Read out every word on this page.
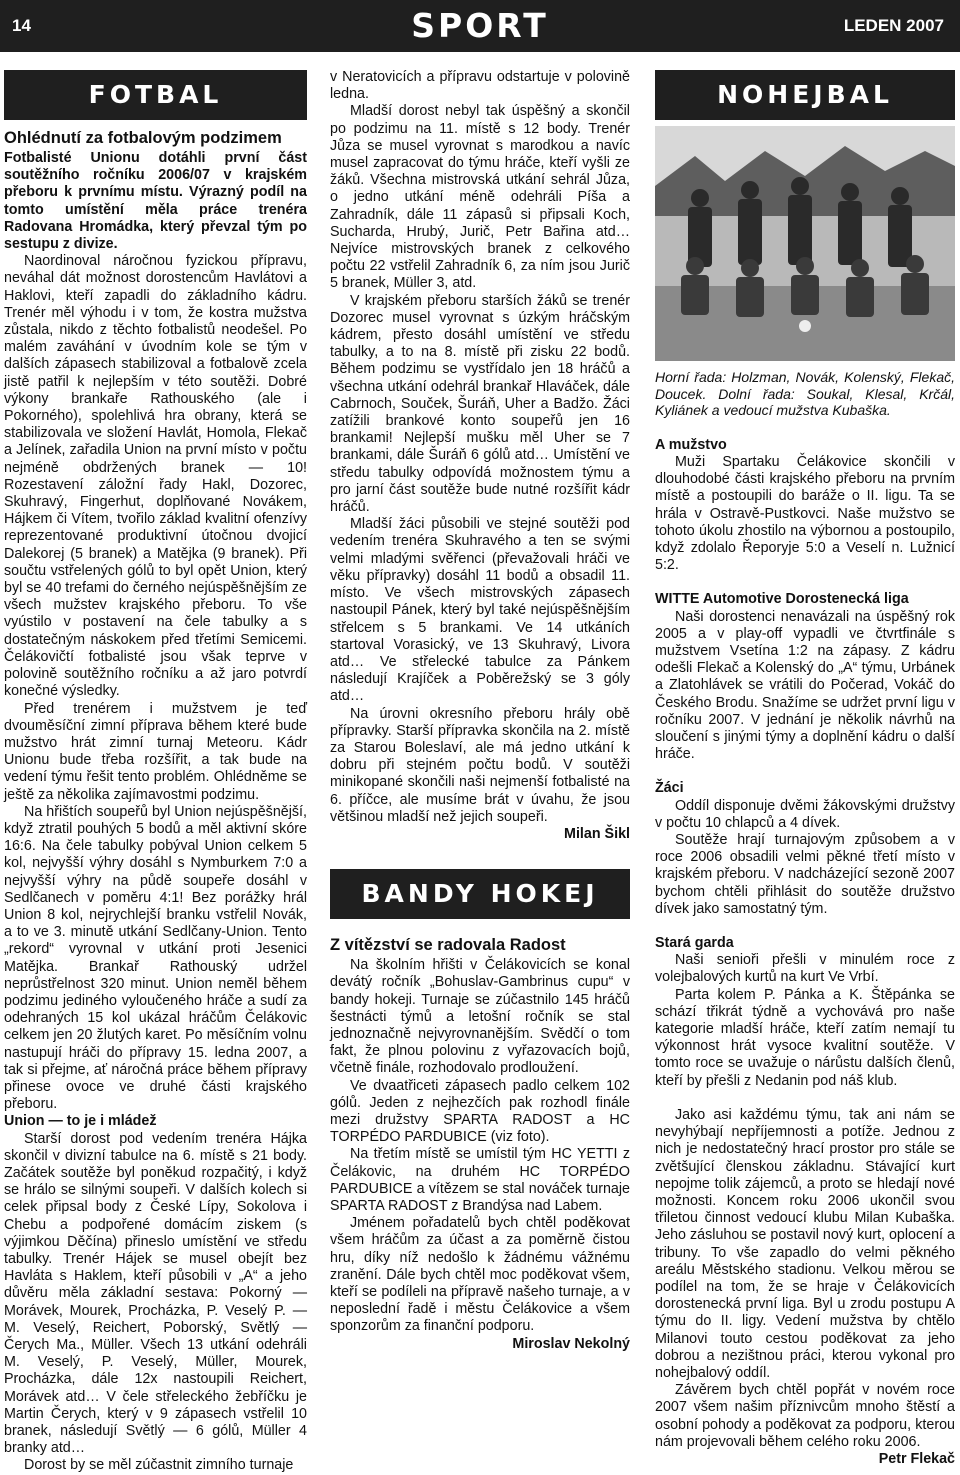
14	SPORT	LEDEN 2007
FOTBAL
Ohlédnutí za fotbalovým podzimem

Fotbalisté Unionu dotáhli první část soutěžního ročníku 2006/07 v krajském přeboru k prvnímu místu. Výrazný podíl na tomto umístění měla práce trenéra Radovana Hromádka, který převzal tým po sestupu z divize.

Naordinoval náročnou fyzickou přípravu, neváhal dát možnost dorostencům Havlátovi a Haklovi, kteří zapadli do základního kádru. Trenér měl výhodu i v tom, že kostra mužstva zůstala, nikdo z těchto fotbalistů neodešel. Po malém zaváhání v úvodním kole se tým v dalších zápasech stabilizoval a fotbalově zcela jistě patřil k nejlepším v této soutěži. Dobré výkony brankaře Rathouského (ale i Pokorného), spolehlivá hra obrany, která se stabilizovala ve složení Havlát, Homola, Flekač a Jelínek, zařadila Union na první místo v počtu nejméně obdržených branek — 10! Rozestavení záložní řady Hakl, Dozorec, Skuhravý, Fingerhut, doplňované Novákem, Hájkem či Vítem, tvořilo základ kvalitní ofenzívy reprezentované produktivní útočnou dvojicí Dalekorej (5 branek) a Matějka (9 branek). Při součtu vstřelených gólů to byl opět Union, který byl se 40 trefami do černého nejúspěšnějším ze všech mužstev krajského přeboru. To vše vyústilo v postavení na čele tabulky a s dostatečným náskokem před třetími Semicemi. Čelákovičtí fotbalisté jsou však teprve v polovině soutěžního ročníku a až jaro potvrdí konečné výsledky.

Před trenérem i mužstvem je teď dvouměsíční zimní příprava během které bude mužstvo hrát zimní turnaj Meteoru. Kádr Unionu bude třeba rozšířit, a tak bude na vedení týmu řešit tento problém. Ohlédněme se ještě za několika zajímavostmi podzimu.

Na hřištích soupeřů byl Union nejúspěšnější, když ztratil pouhých 5 bodů a měl aktivní skóre 16:6. Na čele tabulky pobýval Union celkem 5 kol, nejvyšší výhry dosáhl s Nymburkem 7:0 a nejvyšší výhry na půdě soupeře dosáhl v Sedlčanech v poměru 4:1! Bez porážky hrál Union 8 kol, nejrychlejší branku vstřelil Novák, a to ve 3. minutě utkání Sedlčany-Union. Tento „rekord“ vyrovnal v utkání proti Jesenici Matějka. Brankař Rathouský udržel neprůstřelnost 320 minut. Union neměl během podzimu jediného vyloučeného hráče a sudí za odehraných 15 kol ukázal hráčům Čelákovic celkem jen 20 žlutých karet. Po měsíčním volnu nastupují hráči do přípravy 15. ledna 2007, a tak si přejme, ať náročná práce během přípravy přinese ovoce ve druhé části krajského přeboru.

Union — to je i mládež

Starší dorost pod vedením trenéra Hájka skončil v divizní tabulce na 6. místě s 21 body. Začátek soutěže byl poněkud rozpačitý, i když se hrálo se silnými soupeři. V dalších kolech si celek připsal body z České Lípy, Sokolova i Chebu a podpořené domácím ziskem (s výjimkou Děčína) přineslo umístění ve středu tabulky. Trenér Hájek se musel obejít bez Havláta s Haklem, kteří působili v „A“ a jeho důvěru měla základní sestava: Pokorný — Morávek, Mourek, Procházka, P. Veselý P. — M. Veselý, Reichert, Poborský, Světlý — Čerych Ma., Müller. Všech 13 utkání odehráli M. Veselý, P. Veselý, Müller, Mourek, Procházka, dále 12x nastoupili Reichert, Morávek atd… V čele střeleckého žebříčku je Martin Čerych, který v 9 zápasech vstřelil 10 branek, následují Světlý — 6 gólů, Müller 4 branky atd…

Dorost by se měl zúčastnit zimního turnaje

v Neratovicích a přípravu odstartuje v polovině ledna.

Mladší dorost nebyl tak úspěšný a skončil po podzimu na 11. místě s 12 body. Trenér Jůza se musel vyrovnat s marodkou a navíc musel zapracovat do týmu hráče, kteří vyšli ze žáků. Všechna mistrovská utkání sehrál Jůza, o jedno utkání méně odehráli Píša a Zahradník, dále 11 zápasů si připsali Koch, Sucharda, Hrubý, Jurič, Petr Bařina atd… Nejvíce mistrovských branek z celkového počtu 22 vstřelil Zahradník 6, za ním jsou Jurič 5 branek, Müller 3, atd.

V krajském přeboru starších žáků se trenér Dozorec musel vyrovnat s úzkým hráčským kádrem, přesto dosáhl umístění ve středu tabulky, a to na 8. místě při zisku 22 bodů. Během podzimu se vystřídalo jen 18 hráčů a všechna utkání odehrál brankař Hlaváček, dále Cabrnoch, Souček, Šuráň, Uher a Badžo. Žáci zatížili brankové konto soupeřů jen 16 brankami! Nejlepší mušku měl Uher se 7 brankami, dále Šuráň 6 gólů atd… Umístění ve středu tabulky odpovídá možnostem týmu a pro jarní část soutěže bude nutné rozšířit kádr hráčů.

Mladší žáci působili ve stejné soutěži pod vedením trenéra Skuhravého a ten se svými velmi mladými svěřenci (převažovali hráči ve věku přípravky) dosáhl 11 bodů a obsadil 11. místo. Ve všech mistrovských zápasech nastoupil Pánek, který byl také nejúspěšnějším střelcem s 5 brankami. Ve 14 utkáních startoval Vorasický, ve 13 Skuhravý, Livora atd… Ve střelecké tabulce za Pánkem následují Krajíček a Poběrežský se 3 góly atd…

Na úrovni okresního přeboru hrály obě přípravky. Starší přípravka skončila na 2. místě za Starou Boleslaví, ale má jedno utkání k dobru při stejném počtu bodů. V soutěži minikopané skončili naši nejmenší fotbalisté na 6. příčce, ale musíme brát v úvahu, že jsou většinou mladší než jejich soupeři.

Milan Šikl
BANDY HOKEJ
Z vítězství se radovala Radost

Na školním hřišti v Čelákovicích se konal devátý ročník „Bohuslav-Gambrinus cupu“ v bandy hokeji. Turnaje se zúčastnilo 145 hráčů šestnácti týmů a letošní ročník se stal jednoznačně nejvyrovnanějším. Svědčí o tom fakt, že plnou polovinu z vyřazovacích bojů, včetně finále, rozhodovalo prodloužení.

Ve dvaatřiceti zápasech padlo celkem 102 gólů. Jeden z nejhezčích pak rozhodl finále mezi družstvy SPARTA RADOST a HC TORPÉDO PARDUBICE (viz foto).

Na třetím místě se umístil tým HC YETTI z Čelákovic, na druhém HC TORPÉDO PARDUBICE a vítězem se stal nováček turnaje SPARTA RADOST z Brandýsa nad Labem.

Jménem pořadatelů bych chtěl poděkovat všem hráčům za účast a za poměrně čistou hru, díky níž nedošlo k žádnému vážnému zranění. Dále bych chtěl moc poděkovat všem, kteří se podíleli na přípravě našeho turnaje, a v neposlední řadě i městu Čelákovice a všem sponzorům za finanční podporu.

Miroslav Nekolný
NOHEJBAL

Horní řada: Holzman, Novák, Kolenský, Flekač, Doucek. Dolní řada: Soukal, Klesal, Krčál, Kyliánek a vedoucí mužstva Kubaška.

A mužstvo

Muži Spartaku Čelákovice skončili v dlouhodobé části krajského přeboru na prvním místě a postoupili do baráže o II. ligu. Ta se hrála v Ostravě-Pustkovci. Naše mužstvo se tohoto úkolu zhostilo na výbornou a postoupilo, když zdolalo Řeporyje 5:0 a Veselí n. Lužnicí 5:2.

WITTE Automotive Dorostenecká liga

Naši dorostenci nenavázali na úspěšný rok 2005 a v play-off vypadli ve čtvrtfinále s mužstvem Vsetína 1:2 na zápasy. Z kádru odešli Flekač a Kolenský do „A“ týmu, Urbánek a Zlatohlávek se vrátili do Počerad, Vokáč do Českého Brodu. Snažíme se udržet první ligu v ročníku 2007. V jednání je několik návrhů na sloučení s jinými týmy a doplnění kádru o další hráče.

Žáci

Oddíl disponuje dvěmi žákovskými družstvy v počtu 10 chlapců a 4 dívek.

Soutěže hrají turnajovým způsobem a v roce 2006 obsadili velmi pěkné třetí místo v krajském přeboru. V nadcházející sezoně 2007 bychom chtěli přihlásit do soutěže družstvo dívek jako samostatný tým.

Stará garda

Naši senioři přešli v minulém roce z volejbalových kurtů na kurt Ve Vrbí.

Parta kolem P. Pánka a K. Štěpánka se schází třikrát týdně a vychovává pro naše kategorie mladší hráče, kteří zatím nemají tu výkonnost hrát vysoce kvalitní soutěže. V tomto roce se uvažuje o nárůstu dalších členů, kteří by přešli z Nedanin pod náš klub.

Jako asi každému týmu, tak ani nám se nevyhýbají nepříjemnosti a potíže. Jednou z nich je nedostatečný hrací prostor pro stále se zvětšující členskou základnu. Stávající kurt nepojme tolik zájemců, a proto se hledají nové možnosti. Koncem roku 2006 ukončil svou třiletou činnost vedoucí klubu Milan Kubaška. Jeho zásluhou se postavil nový kurt, oplocení a tribuny. To vše zapadlo do velmi pěkného areálu Městského stadionu. Velkou měrou se podílel na tom, že se hraje v Čelákovicích dorostenecká první liga. Byl u zrodu postupu A týmu do II. ligy. Vedení mužstva by chtělo Milanovi touto cestou poděkovat za jeho dobrou a nezištnou práci, kterou vykonal pro nohejbalový oddíl.

Závěrem bych chtěl popřát v novém roce 2007 všem našim příznivcům mnoho štěstí a osobní pohody a poděkovat za podporu, kterou nám projevovali během celého roku 2006.

Petr Flekač
